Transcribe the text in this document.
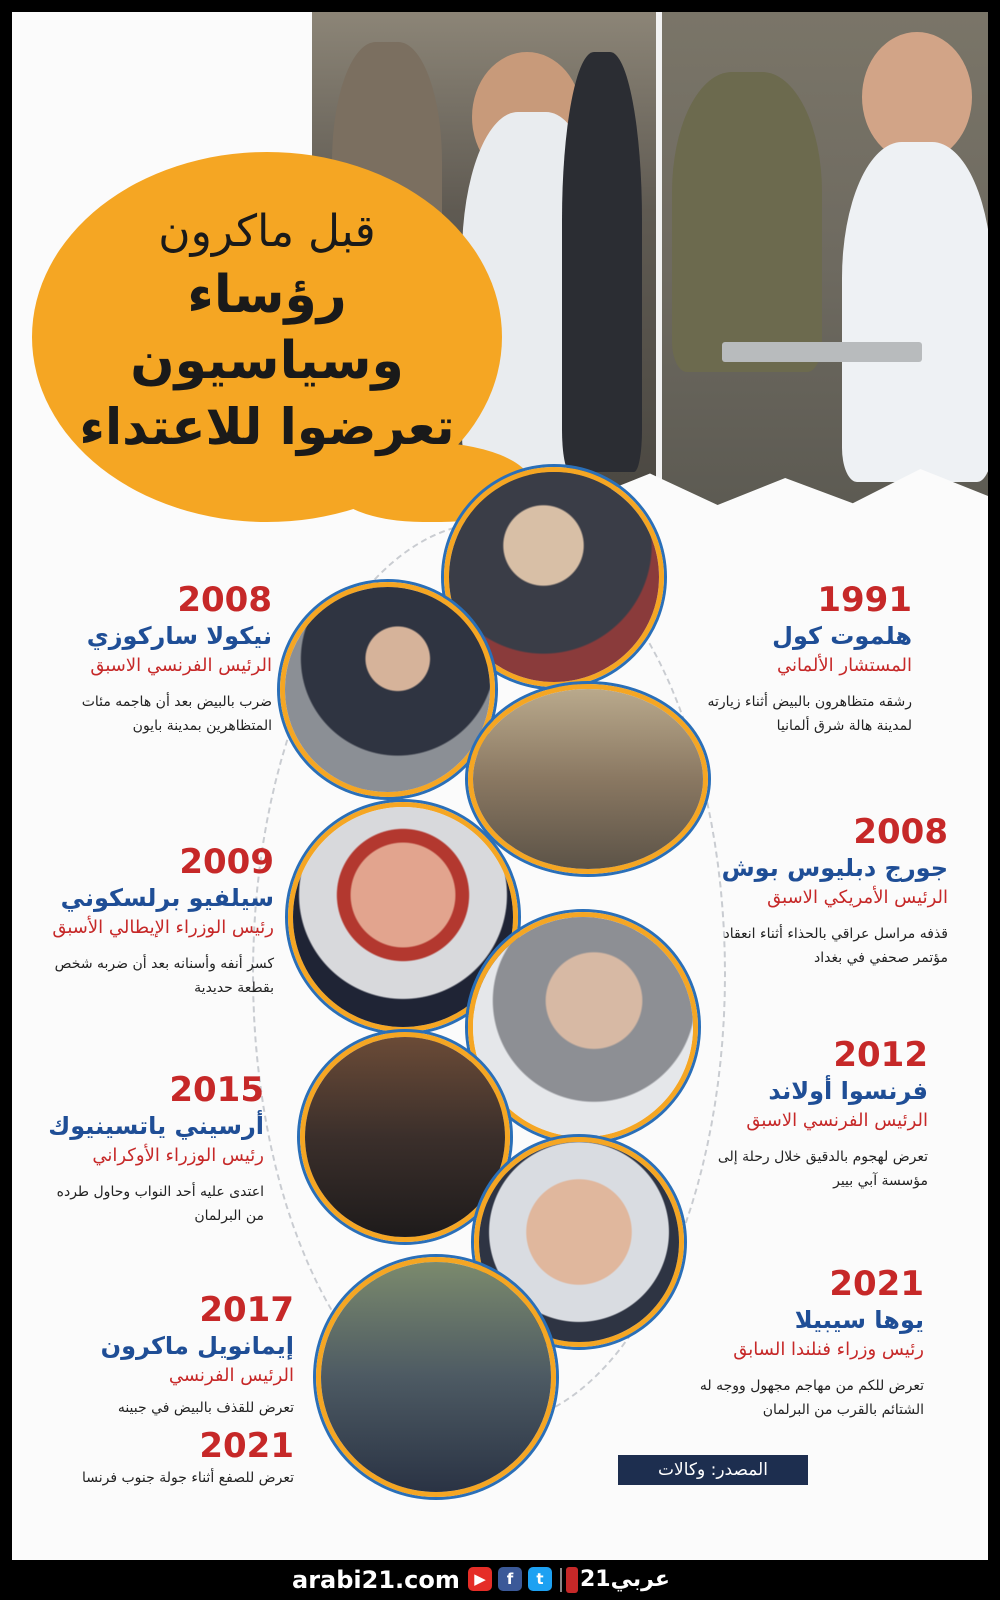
قبل ماكرون
رؤساء وسياسيون
تعرضوا للاعتداء
1991
هلموت كول
المستشار الألماني
رشقه متظاهرون بالبيض أثناء زيارته لمدينة هالة شرق ألمانيا
2008
نيكولا ساركوزي
الرئيس الفرنسي الاسبق
ضرب بالبيض بعد أن هاجمه مئات المتظاهرين بمدينة بايون
2008
جورج دبليوس بوش
الرئيس الأمريكي الاسبق
قذفه مراسل عراقي بالحذاء أثناء انعقاد مؤتمر صحفي في بغداد
2009
سيلفيو برلسكوني
رئيس الوزراء الإيطالي الأسبق
كسر أنفه وأسنانه بعد أن ضربه شخص بقطعة حديدية
2012
فرنسوا أولاند
الرئيس الفرنسي الاسبق
تعرض لهجوم بالدقيق خلال رحلة إلى مؤسسة آبي بيير
2015
أرسيني ياتسينيوك
رئيس الوزراء الأوكراني
اعتدى عليه أحد النواب وحاول طرده من البرلمان
2021
يوها سيبيلا
رئيس وزراء فنلندا السابق
تعرض للكم من مهاجم مجهول ووجه له الشتائم بالقرب من البرلمان
2017
إيمانويل ماكرون
الرئيس الفرنسي
تعرض للقذف بالبيض في جبينه
2021
تعرض للصفع أثناء جولة جنوب فرنسا	المصدر: وكالات
arabi21.com ▶	f	t	عربي21
